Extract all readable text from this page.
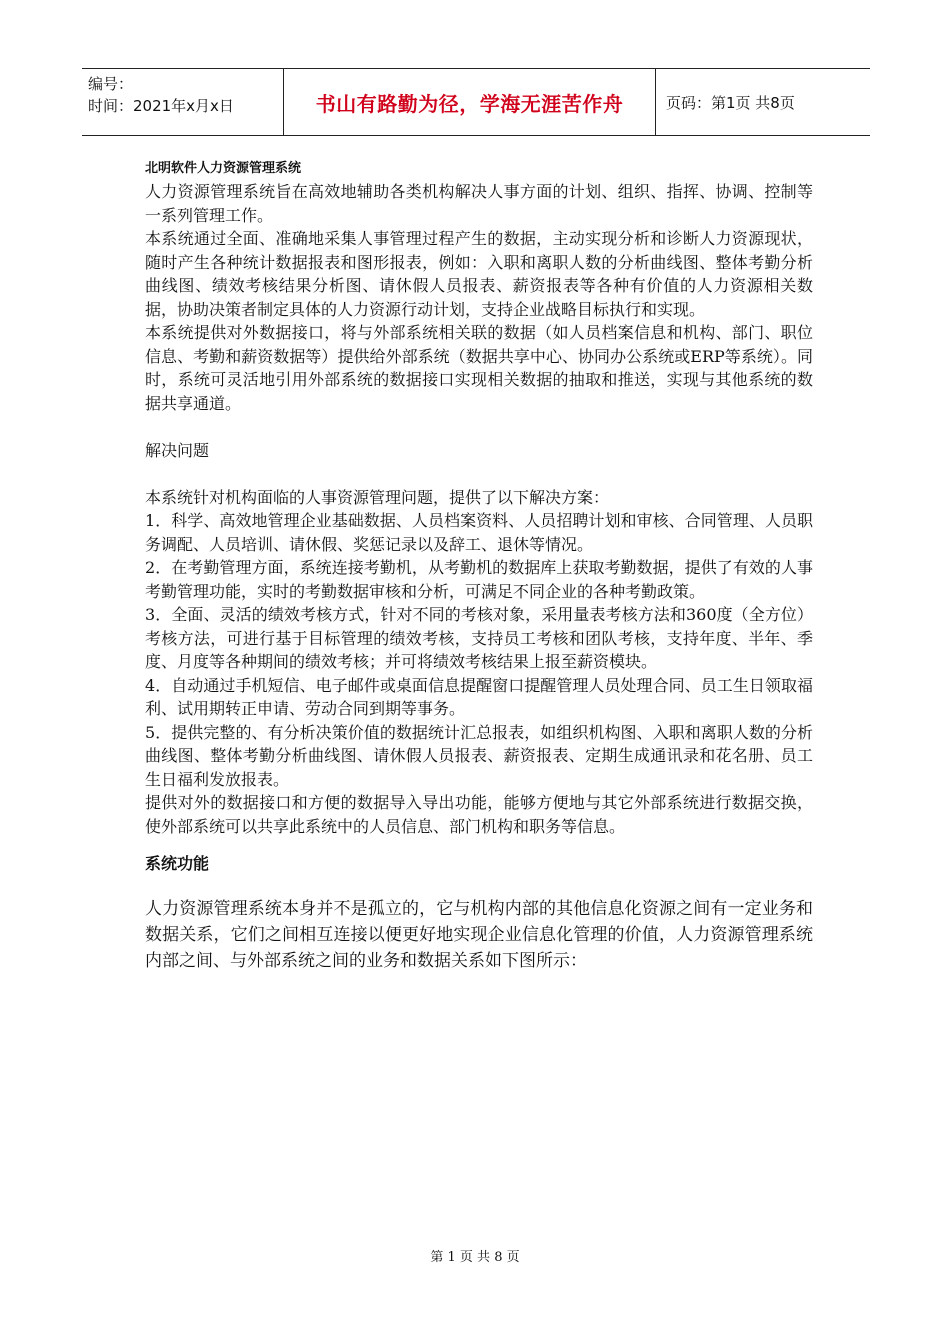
编号：
时间：2021年x月x日	书山有路勤为径，学海无涯苦作舟	页码：第1页 共8页
北明软件人力资源管理系统

人力资源管理系统旨在高效地辅助各类机构解决人事方面的计划、组织、指挥、协调、控制等一系列管理工作。

本系统通过全面、准确地采集人事管理过程产生的数据，主动实现分析和诊断人力资源现状，随时产生各种统计数据报表和图形报表，例如：入职和离职人数的分析曲线图、整体考勤分析曲线图、绩效考核结果分析图、请休假人员报表、薪资报表等各种有价值的人力资源相关数据，协助决策者制定具体的人力资源行动计划，支持企业战略目标执行和实现。

本系统提供对外数据接口，将与外部系统相关联的数据（如人员档案信息和机构、部门、职位信息、考勤和薪资数据等）提供给外部系统（数据共享中心、协同办公系统或ERP等系统）。同时，系统可灵活地引用外部系统的数据接口实现相关数据的抽取和推送，实现与其他系统的数据共享通道。

解决问题

本系统针对机构面临的人事资源管理问题，提供了以下解决方案：

1．科学、高效地管理企业基础数据、人员档案资料、人员招聘计划和审核、合同管理、人员职务调配、人员培训、请休假、奖惩记录以及辞工、退休等情况。

2．在考勤管理方面，系统连接考勤机，从考勤机的数据库上获取考勤数据，提供了有效的人事考勤管理功能，实时的考勤数据审核和分析，可满足不同企业的各种考勤政策。

3．全面、灵活的绩效考核方式，针对不同的考核对象，采用量表考核方法和360度（全方位）考核方法，可进行基于目标管理的绩效考核，支持员工考核和团队考核，支持年度、半年、季度、月度等各种期间的绩效考核；并可将绩效考核结果上报至薪资模块。

4．自动通过手机短信、电子邮件或桌面信息提醒窗口提醒管理人员处理合同、员工生日领取福利、试用期转正申请、劳动合同到期等事务。

5．提供完整的、有分析决策价值的数据统计汇总报表，如组织机构图、入职和离职人数的分析曲线图、整体考勤分析曲线图、请休假人员报表、薪资报表、定期生成通讯录和花名册、员工生日福利发放报表。

提供对外的数据接口和方便的数据导入导出功能，能够方便地与其它外部系统进行数据交换，使外部系统可以共享此系统中的人员信息、部门机构和职务等信息。

系统功能

人力资源管理系统本身并不是孤立的，它与机构内部的其他信息化资源之间有一定业务和数据关系，它们之间相互连接以便更好地实现企业信息化管理的价值，人力资源管理系统内部之间、与外部系统之间的业务和数据关系如下图所示：

第 1 页 共 8 页
